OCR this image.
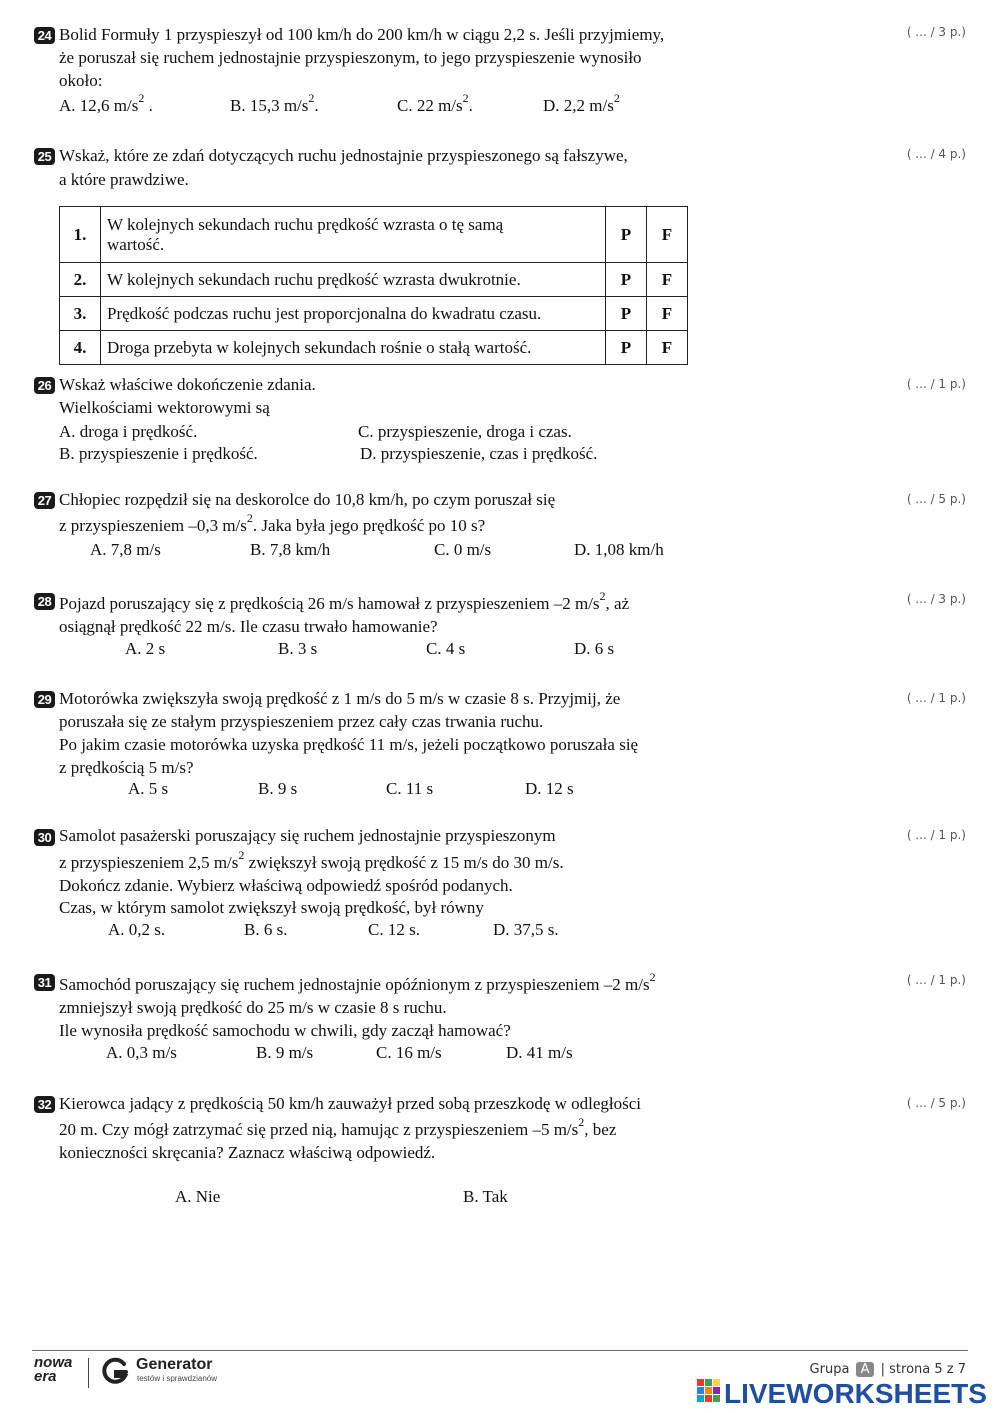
24	( ... / 3 p.)
Bolid Formuły 1 przyspieszył od 100 km/h do 200 km/h w ciągu 2,2 s. Jeśli przyjmiemy,
że poruszał się ruchem jednostajnie przyspieszonym, to jego przyspieszenie wynosiło
około:
A. 12,6 $m/s^2$ .	B. 15,3 $m/s^2$.	C. 22 $m/s^2$.	D. 2,2 $m/s^2$
25	( ... / 4 p.)
Wskaż, które ze zdań dotyczących ruchu jednostajnie przyspieszonego są fałszywe,
a które prawdziwe.
1.	W kolejnych sekundach ruchu prędkość wzrasta o tę samą
wartość.	P	F
2.	W kolejnych sekundach ruchu prędkość wzrasta dwukrotnie.	P	F
3.	Prędkość podczas ruchu jest proporcjonalna do kwadratu czasu.	P	F
4.	Droga przebyta w kolejnych sekundach rośnie o stałą wartość.	P	F
26	( ... / 1 p.)
Wskaż właściwe dokończenie zdania.
Wielkościami wektorowymi są
A. droga i prędkość.	C. przyspieszenie, droga i czas.
B. przyspieszenie i prędkość.	D. przyspieszenie, czas i prędkość.
27	( ... / 5 p.)
Chłopiec rozpędził się na deskorolce do 10,8 km/h, po czym poruszał się
z przyspieszeniem –0,3 $m/s^2$. Jaka była jego prędkość po 10 s?
A. 7,8 m/s	B. 7,8 km/h	C. 0 m/s	D. 1,08 km/h
28	( ... / 3 p.)
Pojazd poruszający się z prędkością 26 m/s hamował z przyspieszeniem –2 $m/s^2$, aż
osiągnął prędkość 22 m/s. Ile czasu trwało hamowanie?
A. 2 s	B. 3 s	C. 4 s	D. 6 s
29	( ... / 1 p.)
Motorówka zwiększyła swoją prędkość z 1 m/s do 5 m/s w czasie 8 s. Przyjmij, że
poruszała się ze stałym przyspieszeniem przez cały czas trwania ruchu.
Po jakim czasie motorówka uzyska prędkość 11 m/s, jeżeli początkowo poruszała się
z prędkością 5 m/s?
A. 5 s	B. 9 s	C. 11 s	D. 12 s
30	( ... / 1 p.)
Samolot pasażerski poruszający się ruchem jednostajnie przyspieszonym
z przyspieszeniem 2,5 $m/s^2$ zwiększył swoją prędkość z 15 m/s do 30 m/s.
Dokończ zdanie. Wybierz właściwą odpowiedź spośród podanych.
Czas, w którym samolot zwiększył swoją prędkość, był równy
A. 0,2 s.	B. 6 s.	C. 12 s.	D. 37,5 s.
31	( ... / 1 p.)
Samochód poruszający się ruchem jednostajnie opóźnionym z przyspieszeniem –2 $m/s^2$
zmniejszył swoją prędkość do 25 m/s w czasie 8 s ruchu.
Ile wynosiła prędkość samochodu w chwili, gdy zaczął hamować?
A. 0,3 m/s	B. 9 m/s	C. 16 m/s	D. 41 m/s
32	( ... / 5 p.)
Kierowca jadący z prędkością 50 km/h zauważył przed sobą przeszkodę w odległości
20 m. Czy mógł zatrzymać się przed nią, hamując z przyspieszeniem –5 $m/s^2$, bez
konieczności skręcania? Zaznacz właściwą odpowiedź.
A. Nie	B. Tak
nowa
era
Generator
testów i sprawdzianów
Grupa A | strona 5 z 7
LIVEWORKSHEETS
